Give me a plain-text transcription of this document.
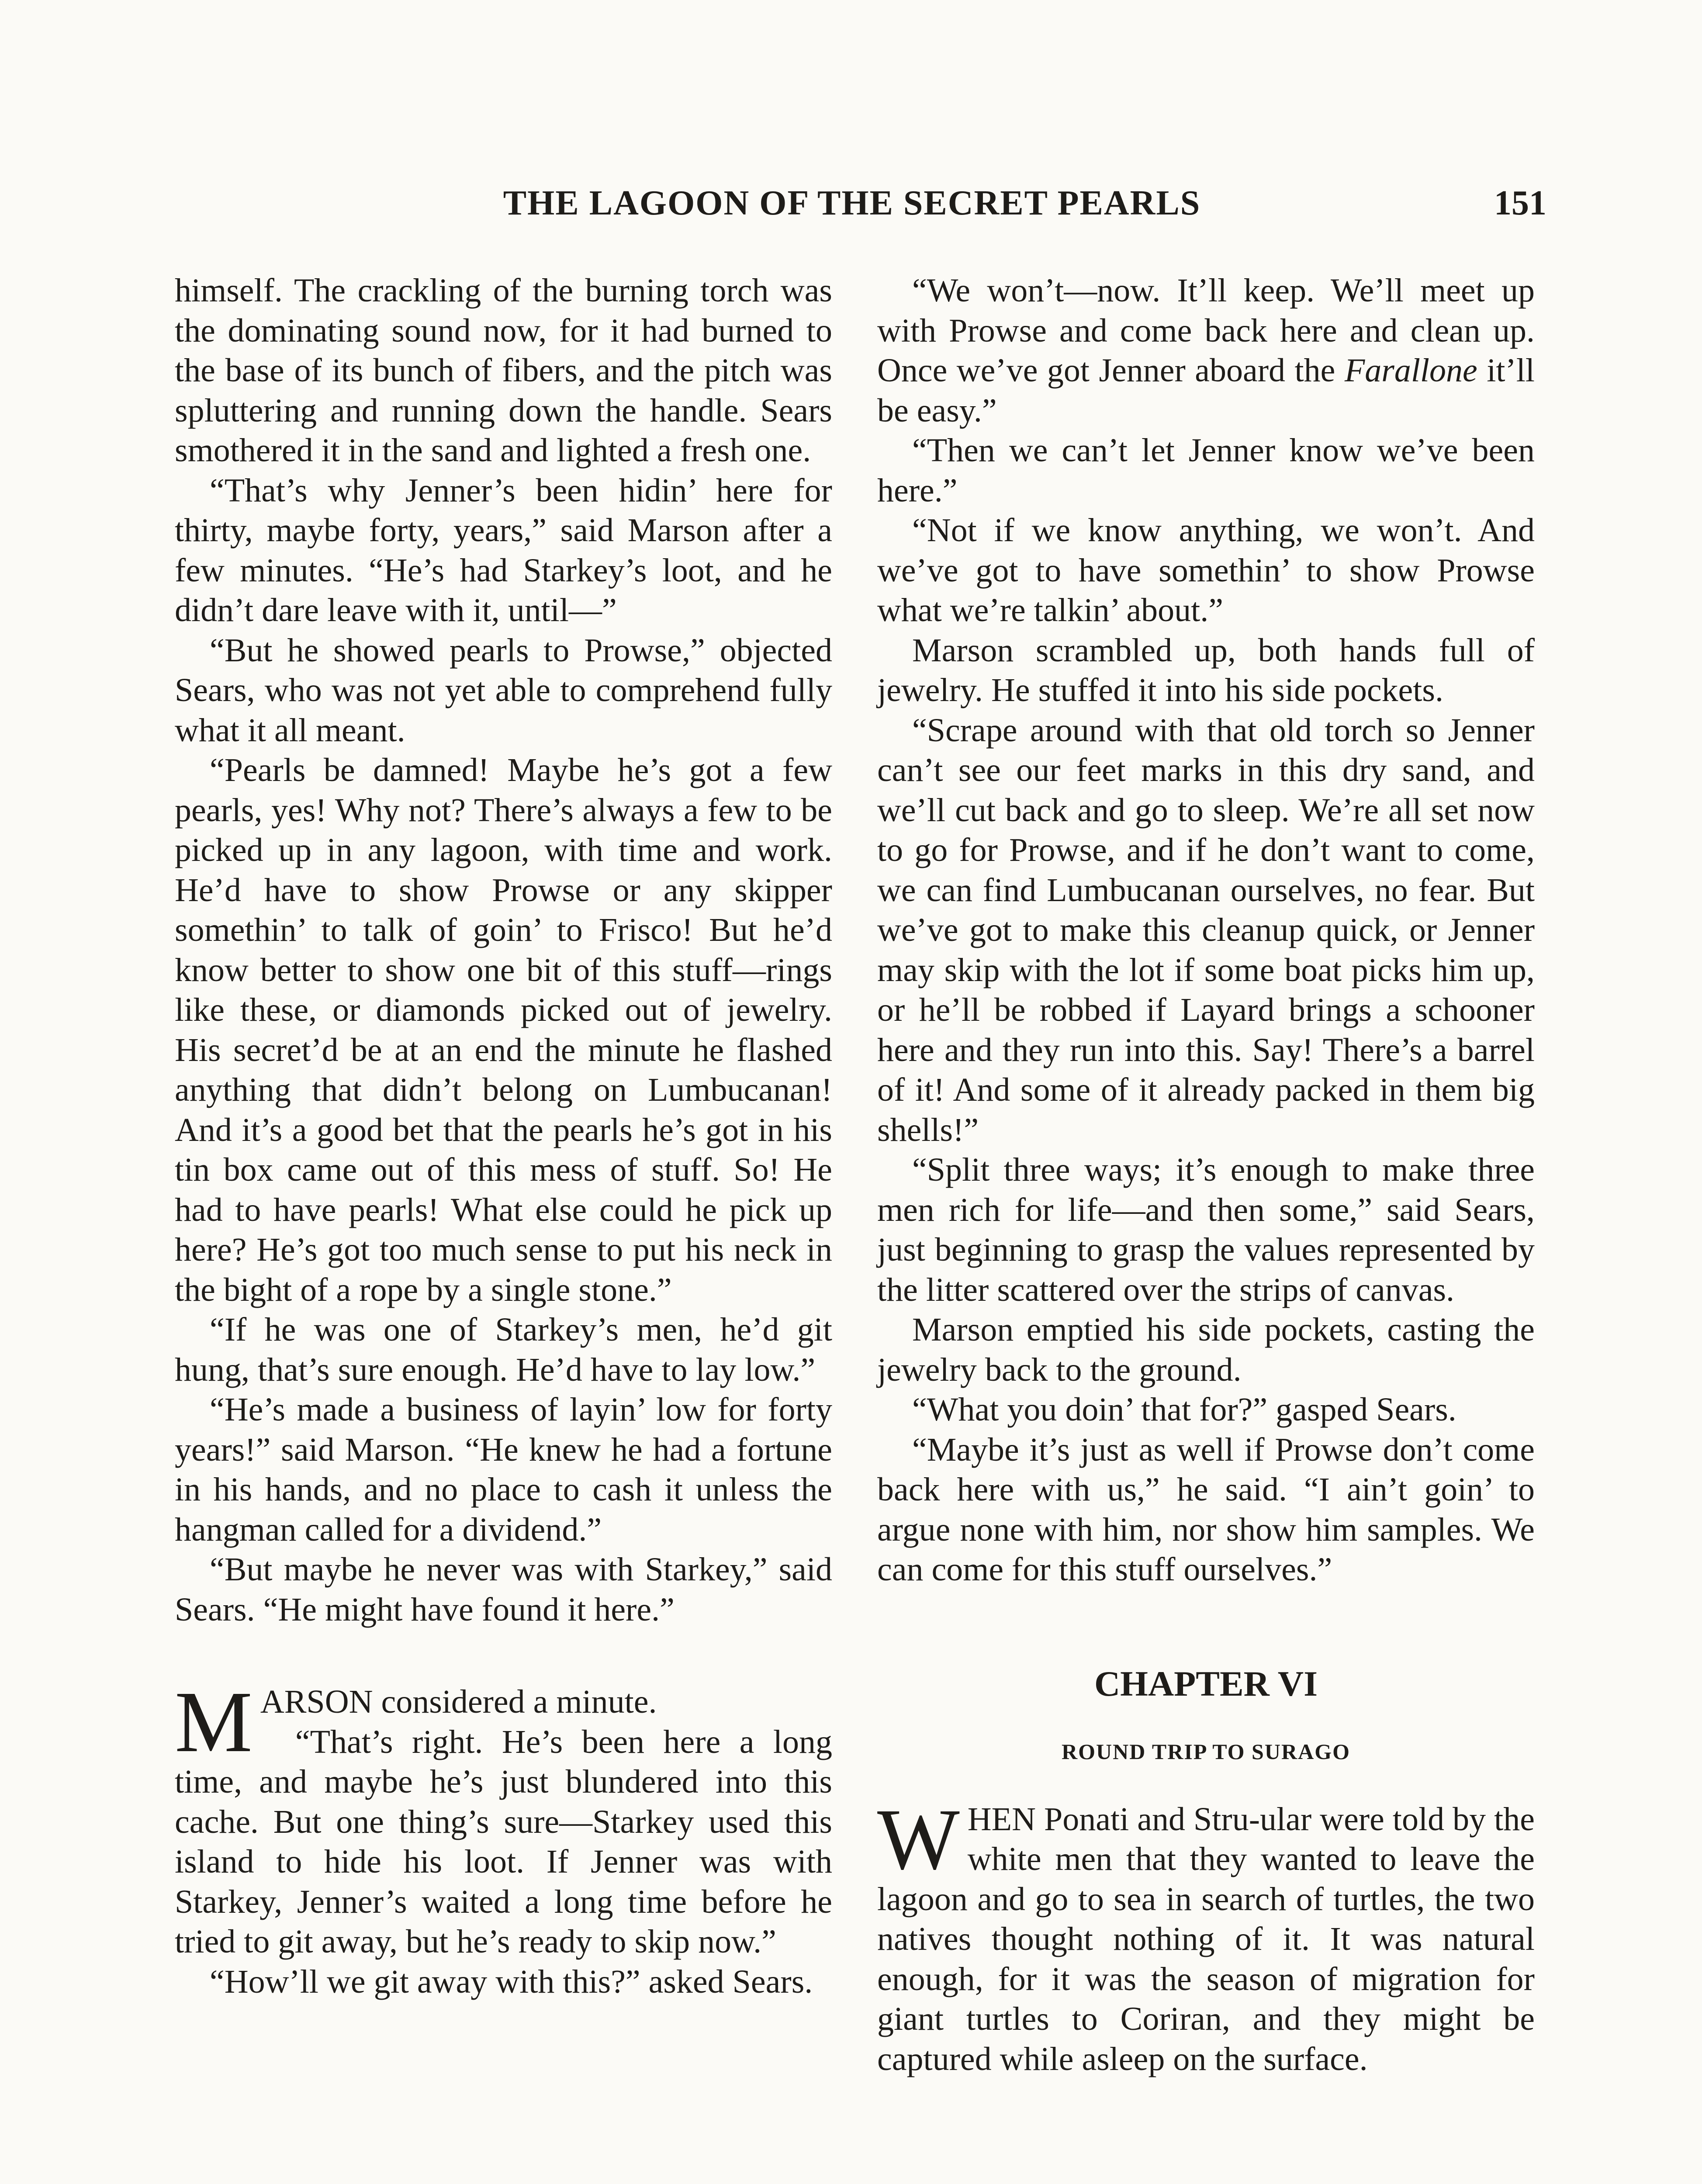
THE LAGOON OF THE SECRET PEARLS	151

himself. The crackling of the burning torch was the dominating sound now, for it had burned to the base of its bunch of fibers, and the pitch was spluttering and running down the handle. Sears smothered it in the sand and lighted a fresh one.

“That’s why Jenner’s been hidin’ here for thirty, maybe forty, years,” said Marson after a few minutes. “He’s had Starkey’s loot, and he didn’t dare leave with it, until—”

“But he showed pearls to Prowse,” objected Sears, who was not yet able to comprehend fully what it all meant.

“Pearls be damned! Maybe he’s got a few pearls, yes! Why not? There’s always a few to be picked up in any lagoon, with time and work. He’d have to show Prowse or any skipper somethin’ to talk of goin’ to Frisco! But he’d know better to show one bit of this stuff—rings like these, or diamonds picked out of jewelry. His secret’d be at an end the minute he flashed anything that didn’t belong on Lumbucanan! And it’s a good bet that the pearls he’s got in his tin box came out of this mess of stuff. So! He had to have pearls! What else could he pick up here? He’s got too much sense to put his neck in the bight of a rope by a single stone.”

“If he was one of Starkey’s men, he’d git hung, that’s sure enough. He’d have to lay low.”

“He’s made a business of layin’ low for forty years!” said Marson. “He knew he had a fortune in his hands, and no place to cash it unless the hangman called for a dividend.”

“But maybe he never was with Starkey,” said Sears. “He might have found it here.”

MARSON considered a minute.

“That’s right. He’s been here a long time, and maybe he’s just blundered into this cache. But one thing’s sure—Starkey used this island to hide his loot. If Jenner was with Starkey, Jenner’s waited a long time before he tried to git away, but he’s ready to skip now.”

“How’ll we git away with this?” asked Sears.

“We won’t—now. It’ll keep. We’ll meet up with Prowse and come back here and clean up. Once we’ve got Jenner aboard the Farallone it’ll be easy.”

“Then we can’t let Jenner know we’ve been here.”

“Not if we know anything, we won’t. And we’ve got to have somethin’ to show Prowse what we’re talkin’ about.”

Marson scrambled up, both hands full of jewelry. He stuffed it into his side pockets.

“Scrape around with that old torch so Jenner can’t see our feet marks in this dry sand, and we’ll cut back and go to sleep. We’re all set now to go for Prowse, and if he don’t want to come, we can find Lumbucanan ourselves, no fear. But we’ve got to make this cleanup quick, or Jenner may skip with the lot if some boat picks him up, or he’ll be robbed if Layard brings a schooner here and they run into this. Say! There’s a barrel of it! And some of it already packed in them big shells!”

“Split three ways; it’s enough to make three men rich for life—and then some,” said Sears, just beginning to grasp the values represented by the litter scattered over the strips of canvas.

Marson emptied his side pockets, casting the jewelry back to the ground.

“What you doin’ that for?” gasped Sears.

“Maybe it’s just as well if Prowse don’t come back here with us,” he said. “I ain’t goin’ to argue none with him, nor show him samples. We can come for this stuff ourselves.”

CHAPTER VI
ROUND TRIP TO SURAGO

WHEN Ponati and Stru-ular were told by the white men that they wanted to leave the lagoon and go to sea in search of turtles, the two natives thought nothing of it. It was natural enough, for it was the season of migration for giant turtles to Coriran, and they might be captured while asleep on the surface.
